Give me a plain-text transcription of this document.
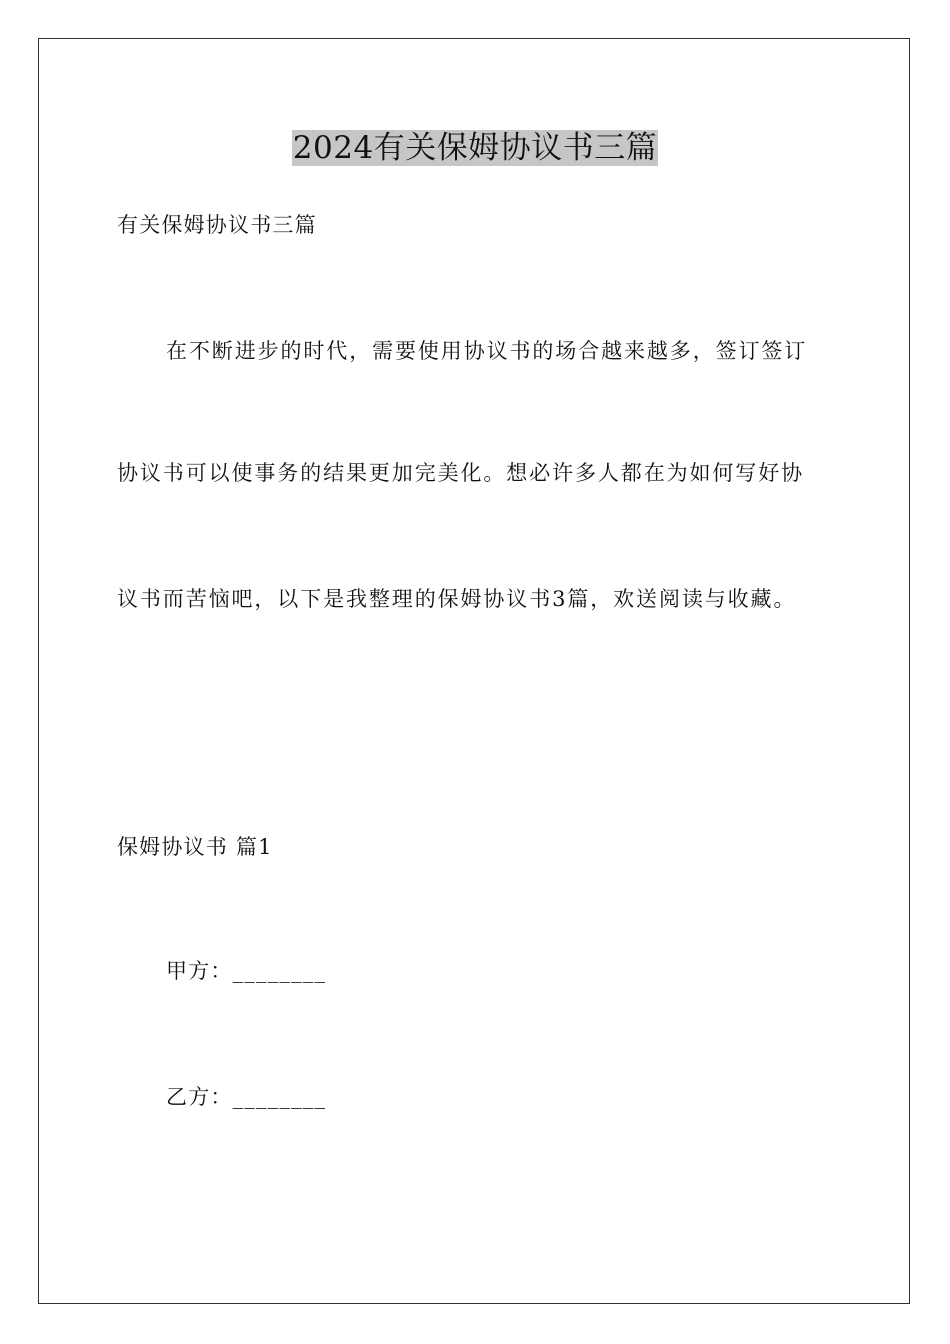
2024有关保姆协议书三篇
有关保姆协议书三篇
在不断进步的时代，需要使用协议书的场合越来越多，签订签订
协议书可以使事务的结果更加完美化。想必许多人都在为如何写好协
议书而苦恼吧，以下是我整理的保姆协议书3篇，欢送阅读与收藏。
保姆协议书 篇1
甲方：________
乙方：________
